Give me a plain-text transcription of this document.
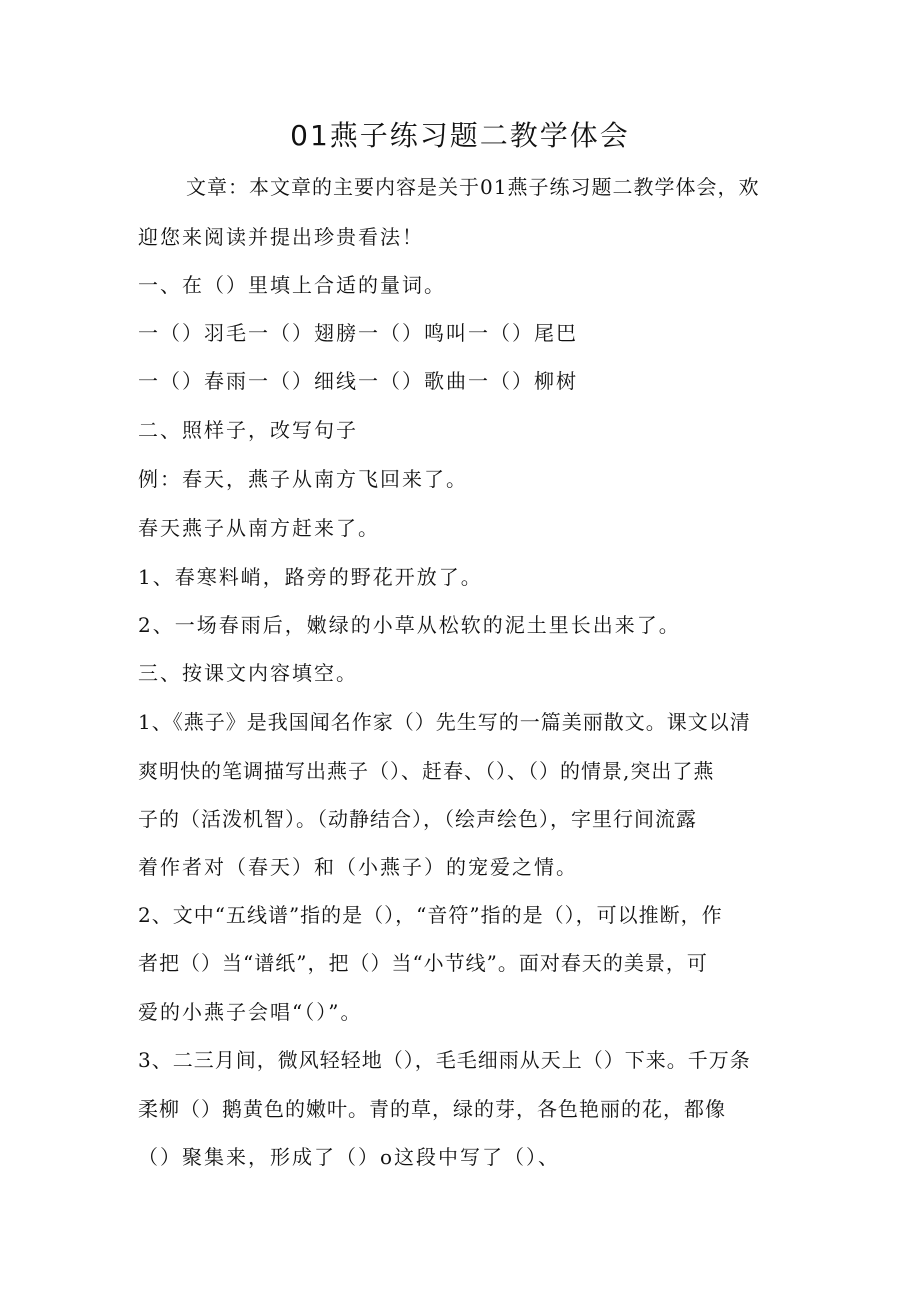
01燕子练习题二教学体会

文章：本文章的主要内容是关于01燕子练习题二教学体会，欢

迎您来阅读并提出珍贵看法！

一、在（）里填上合适的量词。

一（）羽毛一（）翅膀一（）鸣叫一（）尾巴

一（）春雨一（）细线一（）歌曲一（）柳树

二、照样子，改写句子

例：春天，燕子从南方飞回来了。

春天燕子从南方赶来了。

1、春寒料峭，路旁的野花开放了。

2、一场春雨后，嫩绿的小草从松软的泥土里长出来了。

三、按课文内容填空。

1、《燕子》是我国闻名作家（）先生写的一篇美丽散文。课文以清

爽明快的笔调描写出燕子（）、赶春、（）、（）的情景,突出了燕

子的（活泼机智）。（动静结合），（绘声绘色），字里行间流露

着作者对（春天）和（小燕子）的宠爱之情。

2、文中“五线谱”指的是（），“音符”指的是（），可以推断，作

者把（）当“谱纸”，把（）当“小节线”。面对春天的美景，可

爱的小燕子会唱“（）”。

3、二三月间，微风轻轻地（），毛毛细雨从天上（）下来。千万条

柔柳（）鹅黄色的嫩叶。青的草，绿的芽，各色艳丽的花，都像

（）聚集来，形成了（）o这段中写了（）、
